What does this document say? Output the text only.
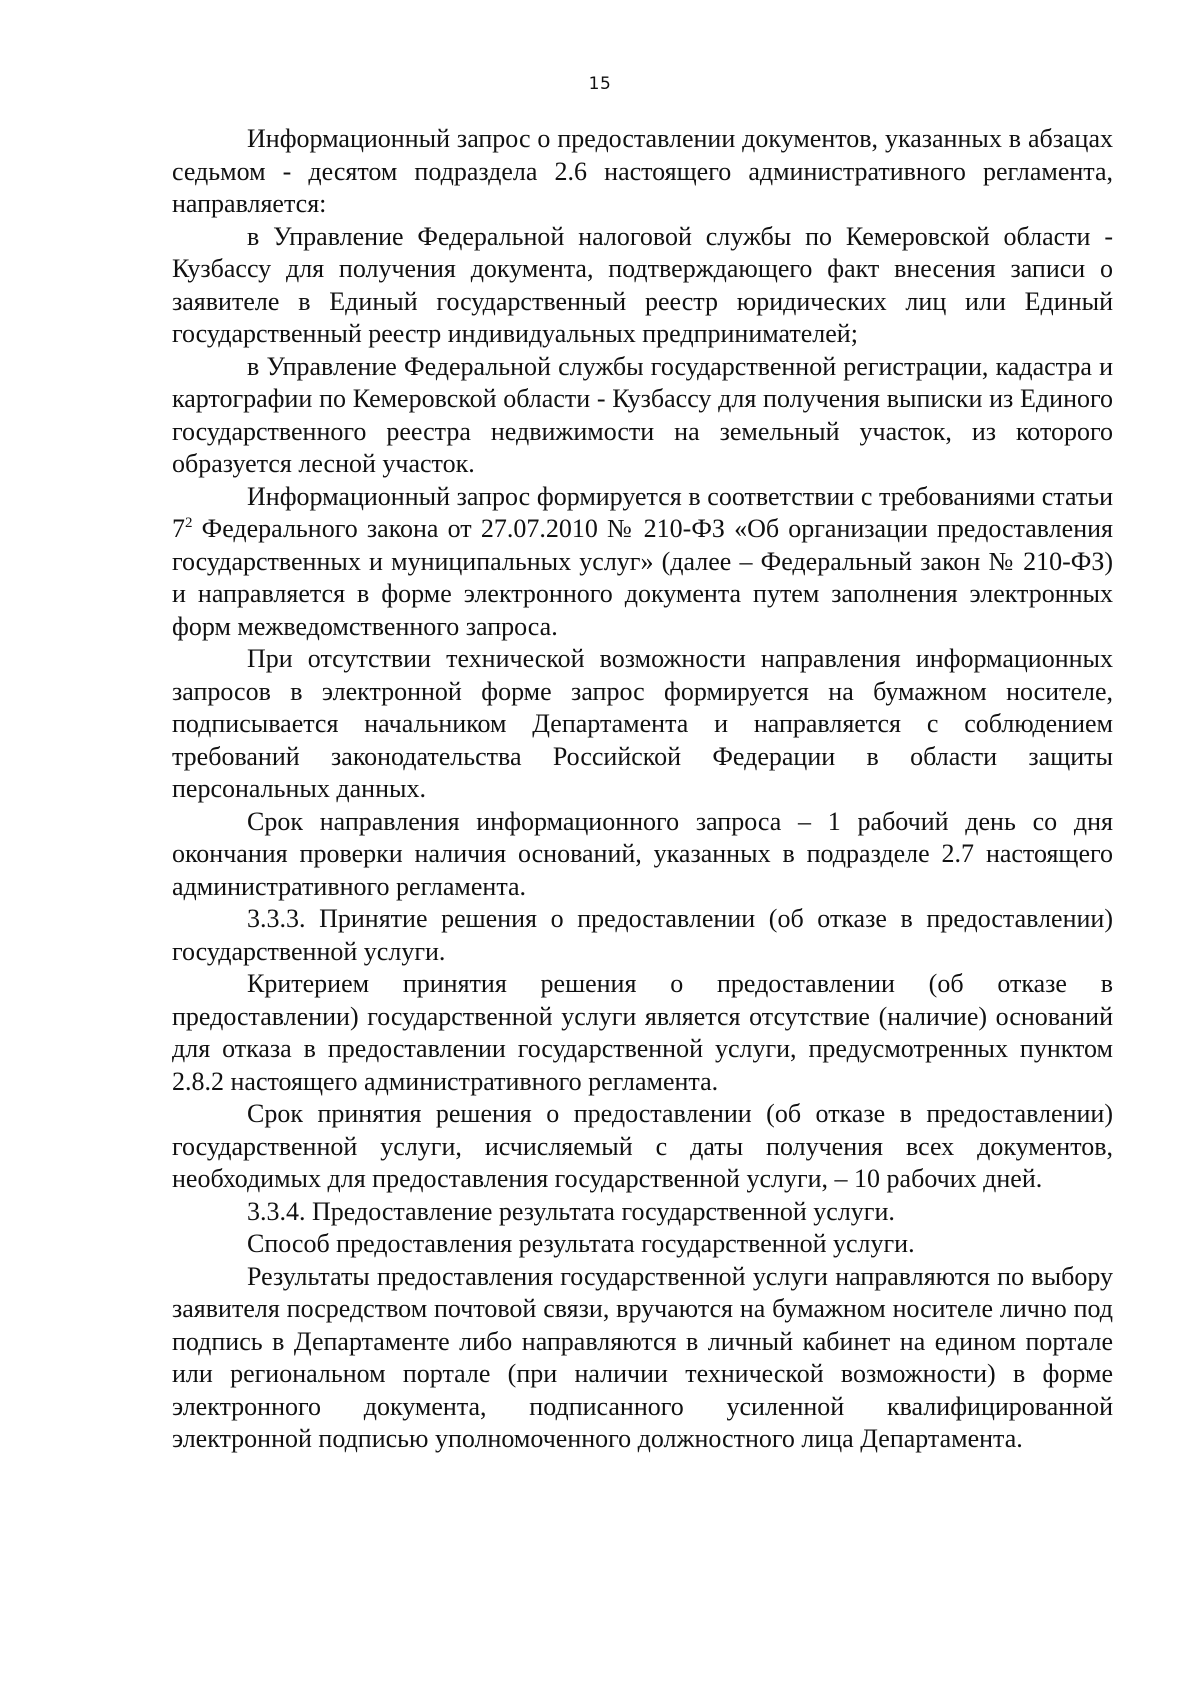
15

Информационный запрос о предоставлении документов, указанных в абзацах седьмом - десятом подраздела 2.6 настоящего административного регламента, направляется:

в Управление Федеральной налоговой службы по Кемеровской области - Кузбассу для получения документа, подтверждающего факт внесения записи о заявителе в Единый государственный реестр юридических лиц или Единый государственный реестр индивидуальных предпринимателей;

в Управление Федеральной службы государственной регистрации, кадастра и картографии по Кемеровской области - Кузбассу для получения выписки из Единого государственного реестра недвижимости на земельный участок, из которого образуется лесной участок.

Информационный запрос формируется в соответствии с требованиями статьи $7^2$ Федерального закона от 27.07.2010 № 210-ФЗ «Об организации предоставления государственных и муниципальных услуг» (далее – Федеральный закон № 210-ФЗ) и направляется в форме электронного документа путем заполнения электронных форм межведомственного запроса.

При отсутствии технической возможности направления информационных запросов в электронной форме запрос формируется на бумажном носителе, подписывается начальником Департамента и направляется с соблюдением требований законодательства Российской Федерации в области защиты персональных данных.

Срок направления информационного запроса – 1 рабочий день со дня окончания проверки наличия оснований, указанных в подразделе 2.7 настоящего административного регламента.

3.3.3. Принятие решения о предоставлении (об отказе в предоставлении) государственной услуги.

Критерием принятия решения о предоставлении (об отказе в предоставлении) государственной услуги является отсутствие (наличие) оснований для отказа в предоставлении государственной услуги, предусмотренных пунктом 2.8.2 настоящего административного регламента.

Срок принятия решения о предоставлении (об отказе в предоставлении) государственной услуги, исчисляемый с даты получения всех документов, необходимых для предоставления государственной услуги, – 10 рабочих дней.

3.3.4. Предоставление результата государственной услуги.

Способ предоставления результата государственной услуги.

Результаты предоставления государственной услуги направляются по выбору заявителя посредством почтовой связи, вручаются на бумажном носителе лично под подпись в Департаменте либо направляются в личный кабинет на едином портале или региональном портале (при наличии технической возможности) в форме электронного документа, подписанного усиленной квалифицированной электронной подписью уполномоченного должностного лица Департамента.
